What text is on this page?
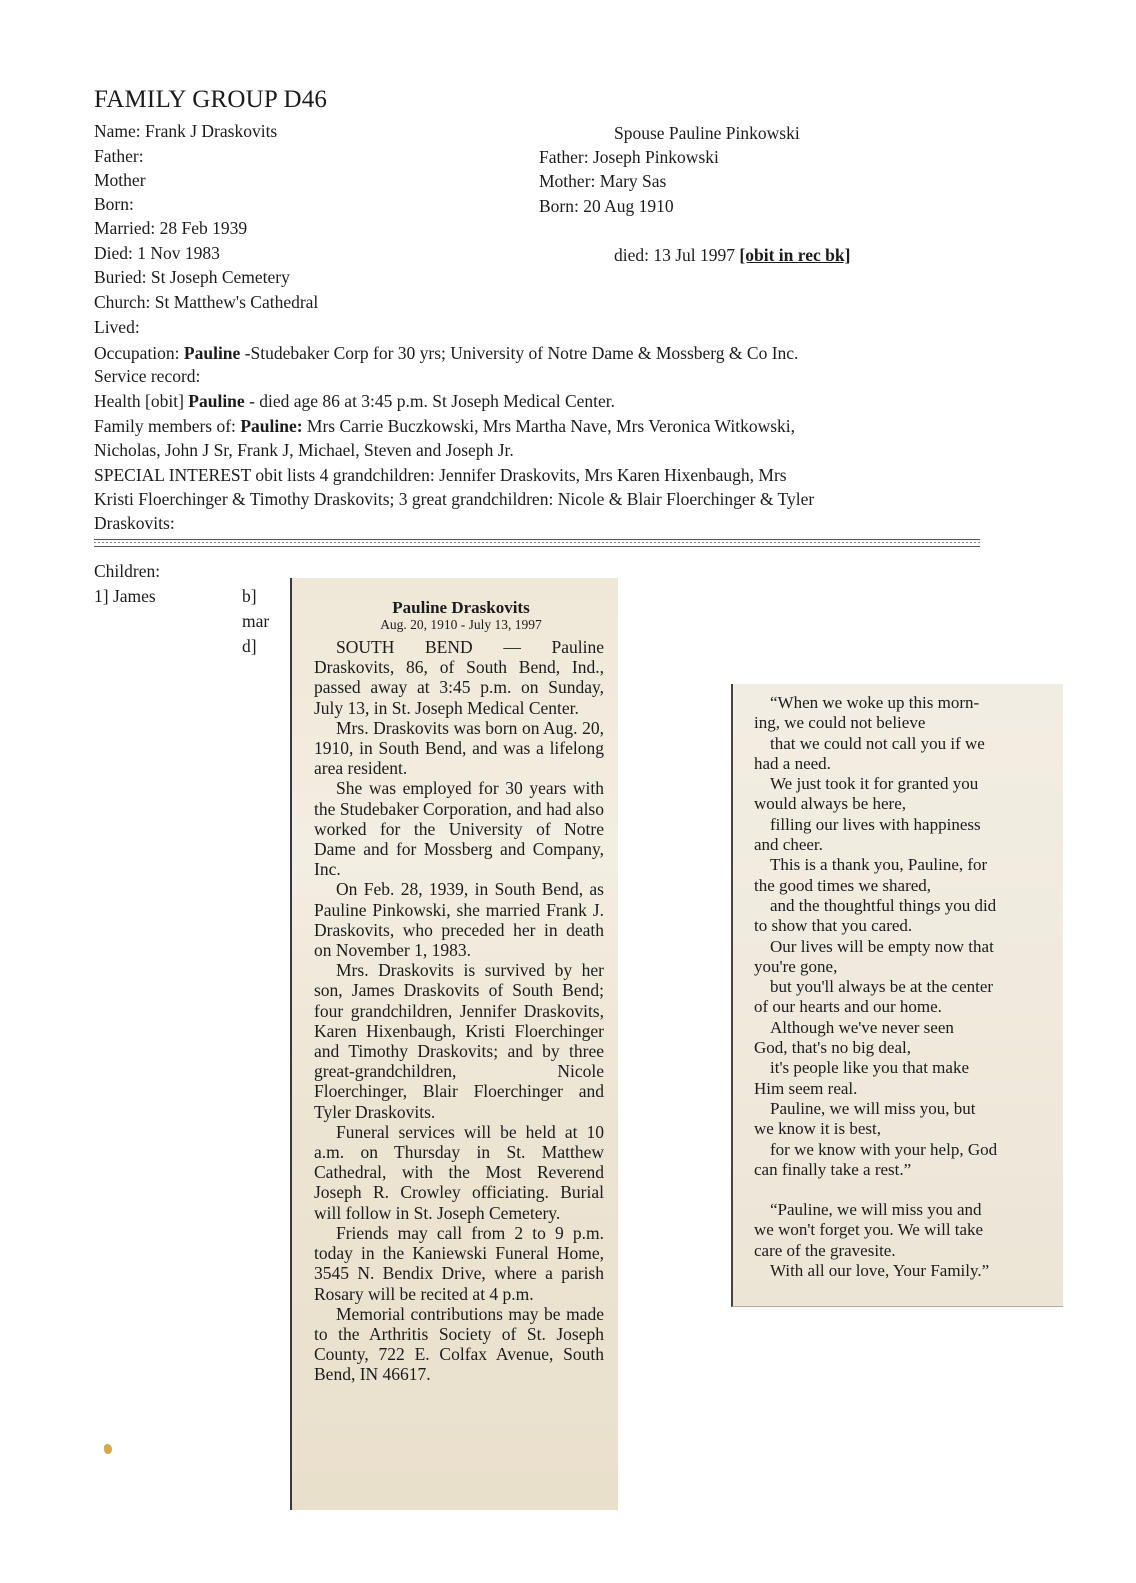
FAMILY GROUP D46
Name: Frank J Draskovits
Father:
Mother
Born:
Married: 28 Feb 1939
Died: 1 Nov 1983
Buried: St Joseph Cemetery
Church: St Matthew's Cathedral
Lived:
Spouse Pauline Pinkowski
Father: Joseph Pinkowski
Mother: Mary Sas
Born: 20 Aug 1910
died: 13 Jul 1997 [obit in rec bk]
Occupation: Pauline -Studebaker Corp for 30 yrs; University of Notre Dame & Mossberg & Co Inc.
Service record:
Health [obit] Pauline - died age 86 at 3:45 p.m. St Joseph Medical Center.
Family members of: Pauline: Mrs Carrie Buczkowski, Mrs Martha Nave, Mrs Veronica Witkowski,
Nicholas, John J Sr, Frank J, Michael, Steven and Joseph Jr.
SPECIAL INTEREST obit lists 4 grandchildren: Jennifer Draskovits, Mrs Karen Hixenbaugh, Mrs
Kristi Floerchinger & Timothy Draskovits; 3 great grandchildren: Nicole & Blair Floerchinger & Tyler
Draskovits:
Children:
1] James	b]
mar
d]
Pauline Draskovits
Aug. 20, 1910 - July 13, 1997

SOUTH BEND — Pauline Draskovits, 86, of South Bend, Ind., passed away at 3:45 p.m. on Sunday, July 13, in St. Joseph Medical Center.

Mrs. Draskovits was born on Aug. 20, 1910, in South Bend, and was a lifelong area resident.

She was employed for 30 years with the Studebaker Corporation, and had also worked for the University of Notre Dame and for Mossberg and Company, Inc.

On Feb. 28, 1939, in South Bend, as Pauline Pinkowski, she married Frank J. Draskovits, who preceded her in death on November 1, 1983.

Mrs. Draskovits is survived by her son, James Draskovits of South Bend; four grandchildren, Jennifer Draskovits, Karen Hixenbaugh, Kristi Floerchinger and Timothy Draskovits; and by three great-grandchildren, Nicole Floerchinger, Blair Floerchinger and Tyler Draskovits.

Funeral services will be held at 10 a.m. on Thursday in St. Matthew Cathedral, with the Most Reverend Joseph R. Crowley officiating. Burial will follow in St. Joseph Cemetery.

Friends may call from 2 to 9 p.m. today in the Kaniewski Funeral Home, 3545 N. Bendix Drive, where a parish Rosary will be recited at 4 p.m.

Memorial contributions may be made to the Arthritis Society of St. Joseph County, 722 E. Colfax Avenue, South Bend, IN 46617.

“When we woke up this morn-

ing, we could not believe

that we could not call you if we

had a need.

We just took it for granted you

would always be here,

filling our lives with happiness

and cheer.

This is a thank you, Pauline, for

the good times we shared,

and the thoughtful things you did

to show that you cared.

Our lives will be empty now that

you're gone,

but you'll always be at the center

of our hearts and our home.

Although we've never seen

God, that's no big deal,

it's people like you that make

Him seem real.

Pauline, we will miss you, but

we know it is best,

for we know with your help, God

can finally take a rest.”

“Pauline, we will miss you and

we won't forget you. We will take

care of the gravesite.

With all our love, Your Family.”
